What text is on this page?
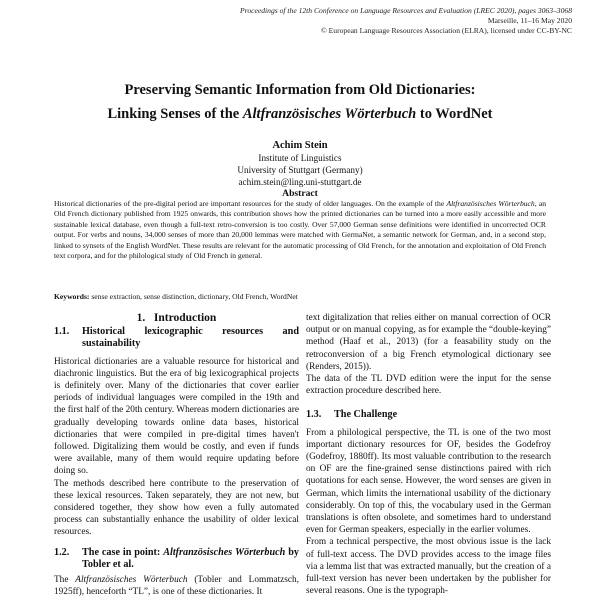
Proceedings of the 12th Conference on Language Resources and Evaluation (LREC 2020), pages 3063–3068
Marseille, 11–16 May 2020
© European Language Resources Association (ELRA), licensed under CC-BY-NC
Preserving Semantic Information from Old Dictionaries:
Linking Senses of the Altfranzösisches Wörterbuch to WordNet
Achim Stein
Institute of Linguistics
University of Stuttgart (Germany)
achim.stein@ling.uni-stuttgart.de
Abstract
Historical dictionaries of the pre-digital period are important resources for the study of older languages. On the example of the Altfranzösisches Wörterbuch, an Old French dictionary published from 1925 onwards, this contribution shows how the printed dictionaries can be turned into a more easily accessible and more sustainable lexical database, even though a full-text retro-conversion is too costly. Over 57,000 German sense definitions were identified in uncorrected OCR output. For verbs and nouns, 34,000 senses of more than 20,000 lemmas were matched with GermaNet, a semantic network for German, and, in a second step, linked to synsets of the English WordNet. These results are relevant for the automatic processing of Old French, for the annotation and exploitation of Old French text corpora, and for the philological study of Old French in general.
Keywords: sense extraction, sense distinction, dictionary, Old French, WordNet
1. Introduction
1.1.	Historical lexicographic resources and sustainability

Historical dictionaries are a valuable resource for historical and diachronic linguistics. But the era of big lexicographical projects is definitely over. Many of the dictionaries that cover earlier periods of individual languages were compiled in the 19th and the first half of the 20th century. Whereas modern dictionaries are gradually developing towards online data bases, historical dictionaries that were compiled in pre-digital times haven't followed. Digitalizing them would be costly, and even if funds were available, many of them would require updating before doing so.

The methods described here contribute to the preservation of these lexical resources. Taken separately, they are not new, but considered together, they show how even a fully automated process can substantially enhance the usability of older lexical resources.

1.2.	The case in point: Altfranzösisches Wörterbuch by Tobler et al.

The Altfranzösisches Wörterbuch (Tobler and Lommatzsch, 1925ff), henceforth “TL”, is one of these dictionaries. It

text digitalization that relies either on manual correction of OCR output or on manual copying, as for example the “double-keying” method (Haaf et al., 2013) (for a feasability study on the retroconversion of a big French etymological dictionary see (Renders, 2015)).

The data of the TL DVD edition were the input for the sense extraction procedure described here.

1.3.	The Challenge

From a philological perspective, the TL is one of the two most important dictionary resources for OF, besides the Godefroy (Godefroy, 1880ff). Its most valuable contribution to the research on OF are the fine-grained sense distinctions paired with rich quotations for each sense. However, the word senses are given in German, which limits the international usability of the dictionary considerably. On top of this, the vocabulary used in the German translations is often obsolete, and sometimes hard to understand even for German speakers, especially in the earlier volumes.

From a technical perspective, the most obvious issue is the lack of full-text access. The DVD provides access to the image files via a lemma list that was extracted manually, but the creation of a full-text version has never been undertaken by the publisher for several reasons. One is the typograph-
